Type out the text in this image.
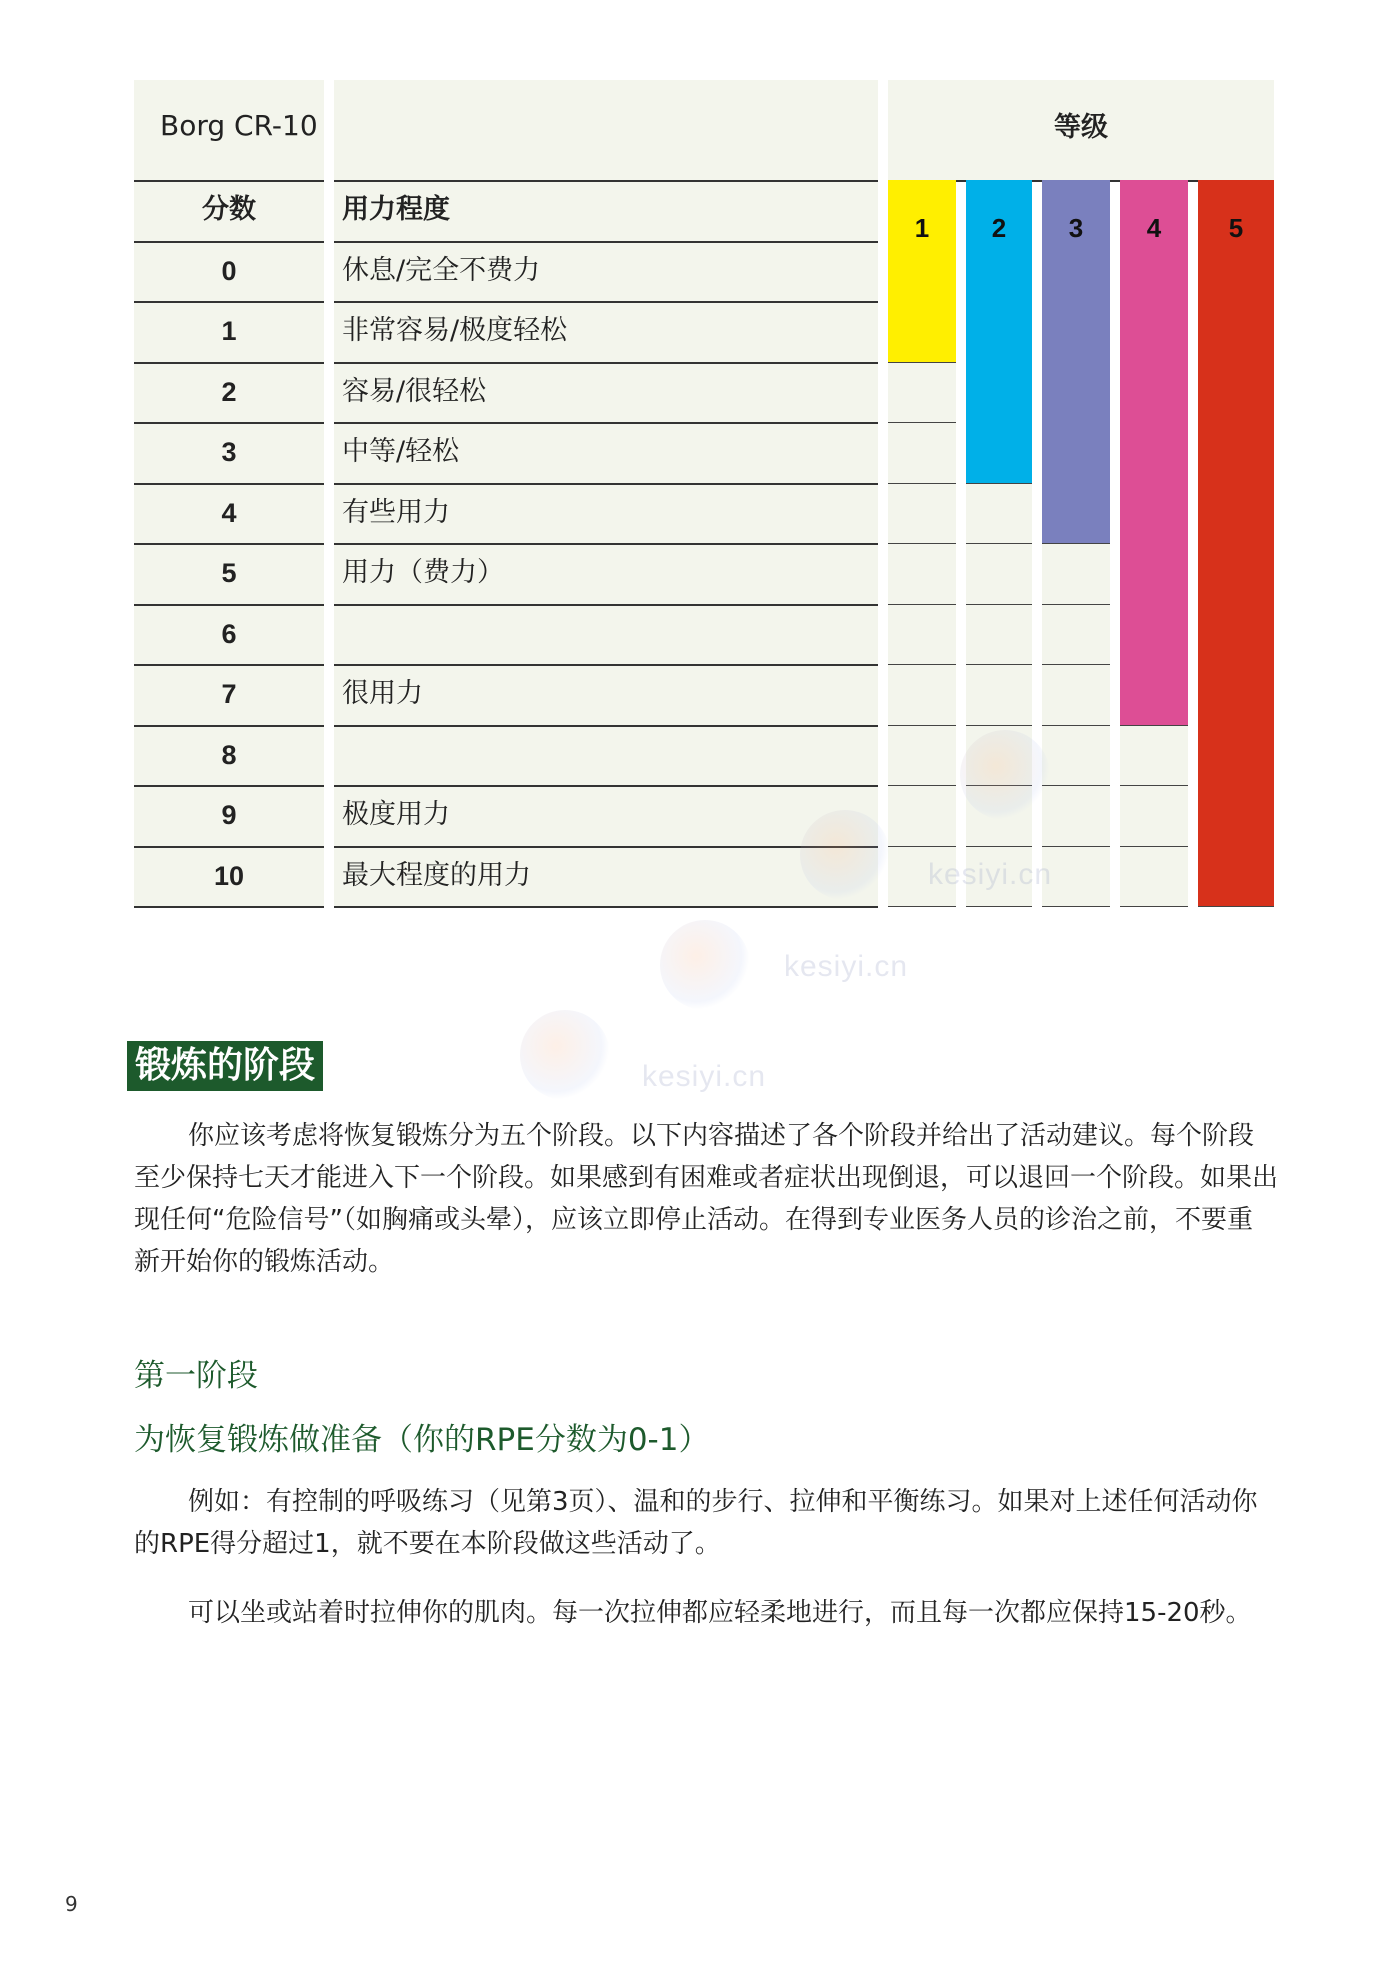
Borg CR-10	等级
分数	用力程度
0	休息/完全不费力
1	非常容易/极度轻松
2	容易/很轻松
3	中等/轻松
4	有些用力
5	用力（费力）
6
7	很用力
8
9	极度用力
10	最大程度的用力
1	2	3	4	5
kesiyi.cn
kesiyi.cn
kesiyi.cn
锻炼的阶段
你应该考虑将恢复锻炼分为五个阶段。以下内容描述了各个阶段并给出了活动建议。每个阶段至少保持七天才能进入下一个阶段。如果感到有困难或者症状出现倒退，可以退回一个阶段。如果出现任何“危险信号”（如胸痛或头晕），应该立即停止活动。在得到专业医务人员的诊治之前，不要重新开始你的锻炼活动。
第一阶段
为恢复锻炼做准备（你的RPE分数为0-1）
例如：有控制的呼吸练习（见第3页）、温和的步行、拉伸和平衡练习。如果对上述任何活动你的RPE得分超过1，就不要在本阶段做这些活动了。
可以坐或站着时拉伸你的肌肉。每一次拉伸都应轻柔地进行，而且每一次都应保持15-20秒。
9
